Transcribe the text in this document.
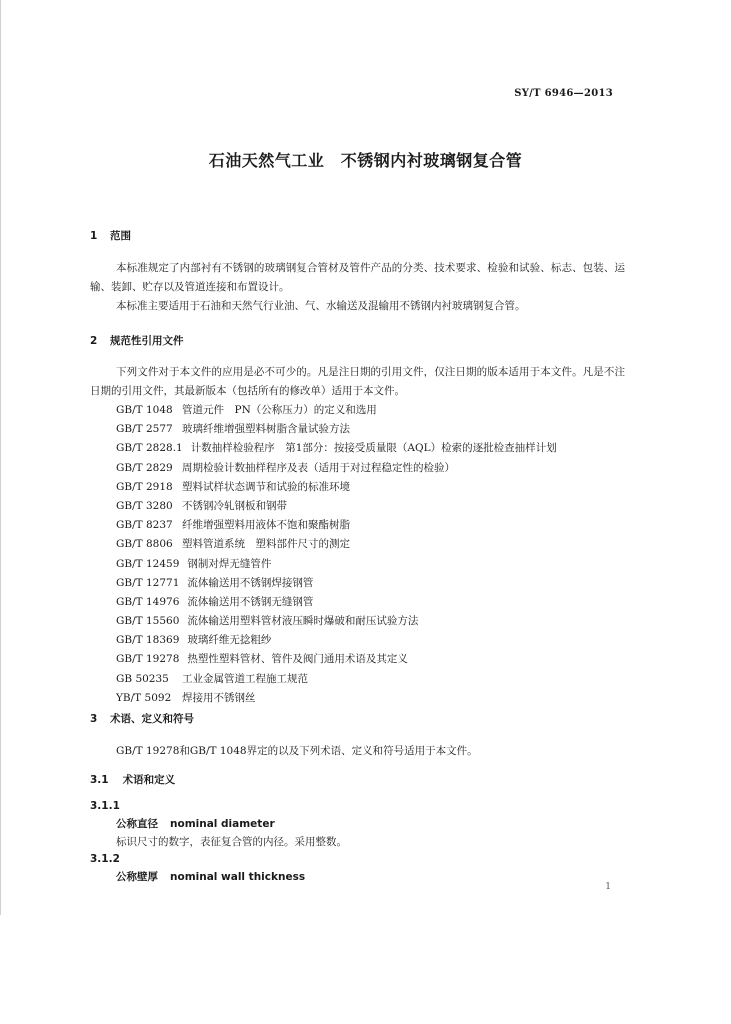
SY/T 6946—2013
石油天然气工业　不锈钢内衬玻璃钢复合管
1 范围
本标准规定了内部衬有不锈钢的玻璃钢复合管材及管件产品的分类、技术要求、检验和试验、标志、包装、运输、装卸、贮存以及管道连接和布置设计。
本标准主要适用于石油和天然气行业油、气、水输送及混输用不锈钢内衬玻璃钢复合管。
2 规范性引用文件
下列文件对于本文件的应用是必不可少的。凡是注日期的引用文件，仅注日期的版本适用于本文件。凡是不注日期的引用文件，其最新版本（包括所有的修改单）适用于本文件。
GB/T 1048 管道元件　PN（公称压力）的定义和选用
GB/T 2577 玻璃纤维增强塑料树脂含量试验方法
GB/T 2828.1 计数抽样检验程序　第1部分：按接受质量限（AQL）检索的逐批检查抽样计划
GB/T 2829 周期检验计数抽样程序及表（适用于对过程稳定性的检验）
GB/T 2918 塑料试样状态调节和试验的标准环境
GB/T 3280 不锈钢冷轧钢板和钢带
GB/T 8237 纤维增强塑料用液体不饱和聚酯树脂
GB/T 8806 塑料管道系统　塑料部件尺寸的测定
GB/T 12459 钢制对焊无缝管件
GB/T 12771 流体输送用不锈钢焊接钢管
GB/T 14976 流体输送用不锈钢无缝钢管
GB/T 15560 流体输送用塑料管材液压瞬时爆破和耐压试验方法
GB/T 18369 玻璃纤维无捻粗纱
GB/T 19278 热塑性塑料管材、管件及阀门通用术语及其定义
GB 50235 工业金属管道工程施工规范
YB/T 5092 焊接用不锈钢丝
3 术语、定义和符号
GB/T 19278和GB/T 1048界定的以及下列术语、定义和符号适用于本文件。
3.1 术语和定义
3.1.1
公称直径 nominal diameter
标识尺寸的数字，表征复合管的内径。采用整数。
3.1.2
公称壁厚 nominal wall thickness
1
